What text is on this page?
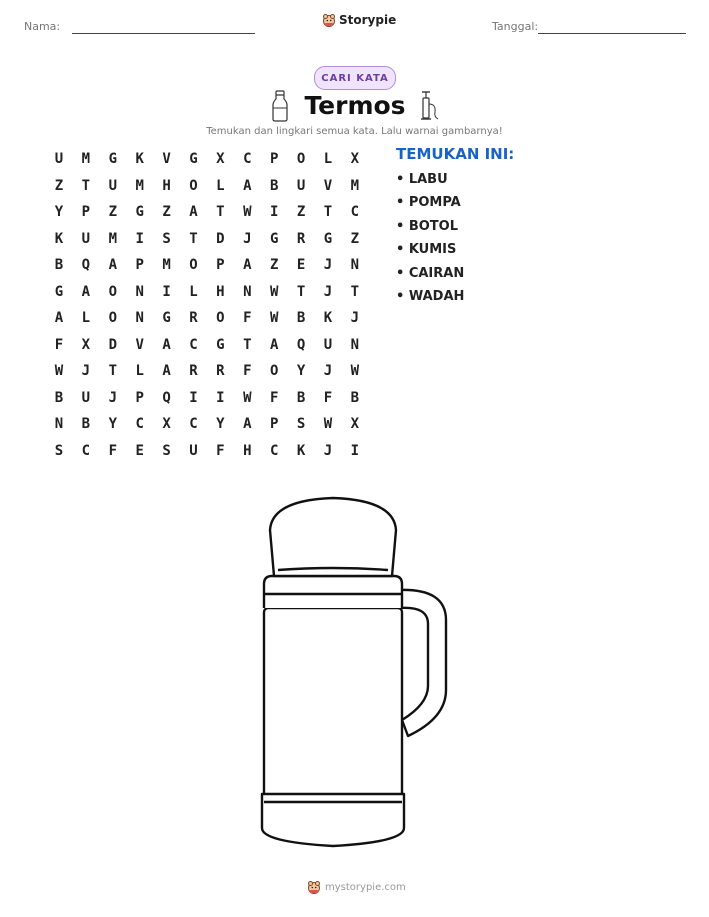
Nama:	Storypie	Tanggal:
CARI KATA
Termos
Temukan dan lingkari semua kata. Lalu warnai gambarnya!
U	M	G	K	V	G	X	C	P	O	L	X
Z	T	U	M	H	O	L	A	B	U	V	M
Y	P	Z	G	Z	A	T	W	I	Z	T	C
K	U	M	I	S	T	D	J	G	R	G	Z
B	Q	A	P	M	O	P	A	Z	E	J	N
G	A	O	N	I	L	H	N	W	T	J	T
A	L	O	N	G	R	O	F	W	B	K	J
F	X	D	V	A	C	G	T	A	Q	U	N
W	J	T	L	A	R	R	F	O	Y	J	W
B	U	J	P	Q	I	I	W	F	B	F	B
N	B	Y	C	X	C	Y	A	P	S	W	X
S	C	F	E	S	U	F	H	C	K	J	I
TEMUKAN INI:
• LABU
• POMPA
• BOTOL
• KUMIS
• CAIRAN
• WADAH
mystorypie.com
